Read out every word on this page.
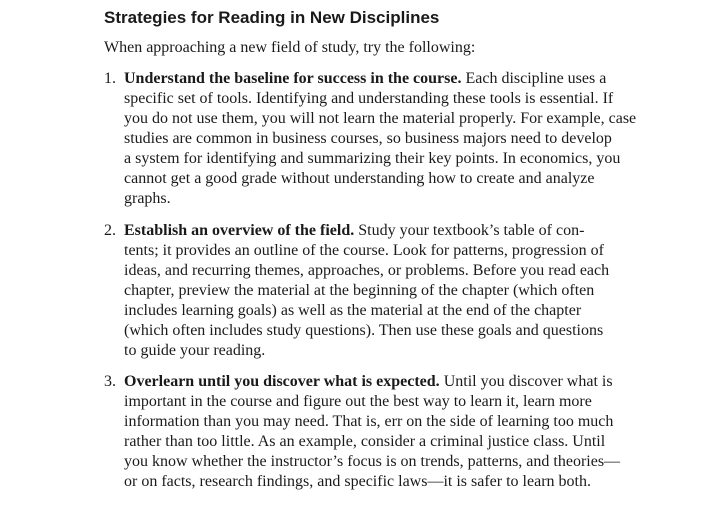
Strategies for Reading in New Disciplines

When approaching a new field of study, try the following:

1. Understand the baseline for success in the course. Each discipline uses a
specific set of tools. Identifying and understanding these tools is essential. If
you do not use them, you will not learn the material properly. For example, case
studies are common in business courses, so business majors need to develop
a system for identifying and summarizing their key points. In economics, you
cannot get a good grade without understanding how to create and analyze
graphs.
2. Establish an overview of the field. Study your textbook’s table of con-
tents; it provides an outline of the course. Look for patterns, progression of
ideas, and recurring themes, approaches, or problems. Before you read each
chapter, preview the material at the beginning of the chapter (which often
includes learning goals) as well as the material at the end of the chapter
(which often includes study questions). Then use these goals and questions
to guide your reading.
3. Overlearn until you discover what is expected. Until you discover what is
important in the course and figure out the best way to learn it, learn more
information than you may need. That is, err on the side of learning too much
rather than too little. As an example, consider a criminal justice class. Until
you know whether the instructor’s focus is on trends, patterns, and theories—
or on facts, research findings, and specific laws—it is safer to learn both.
